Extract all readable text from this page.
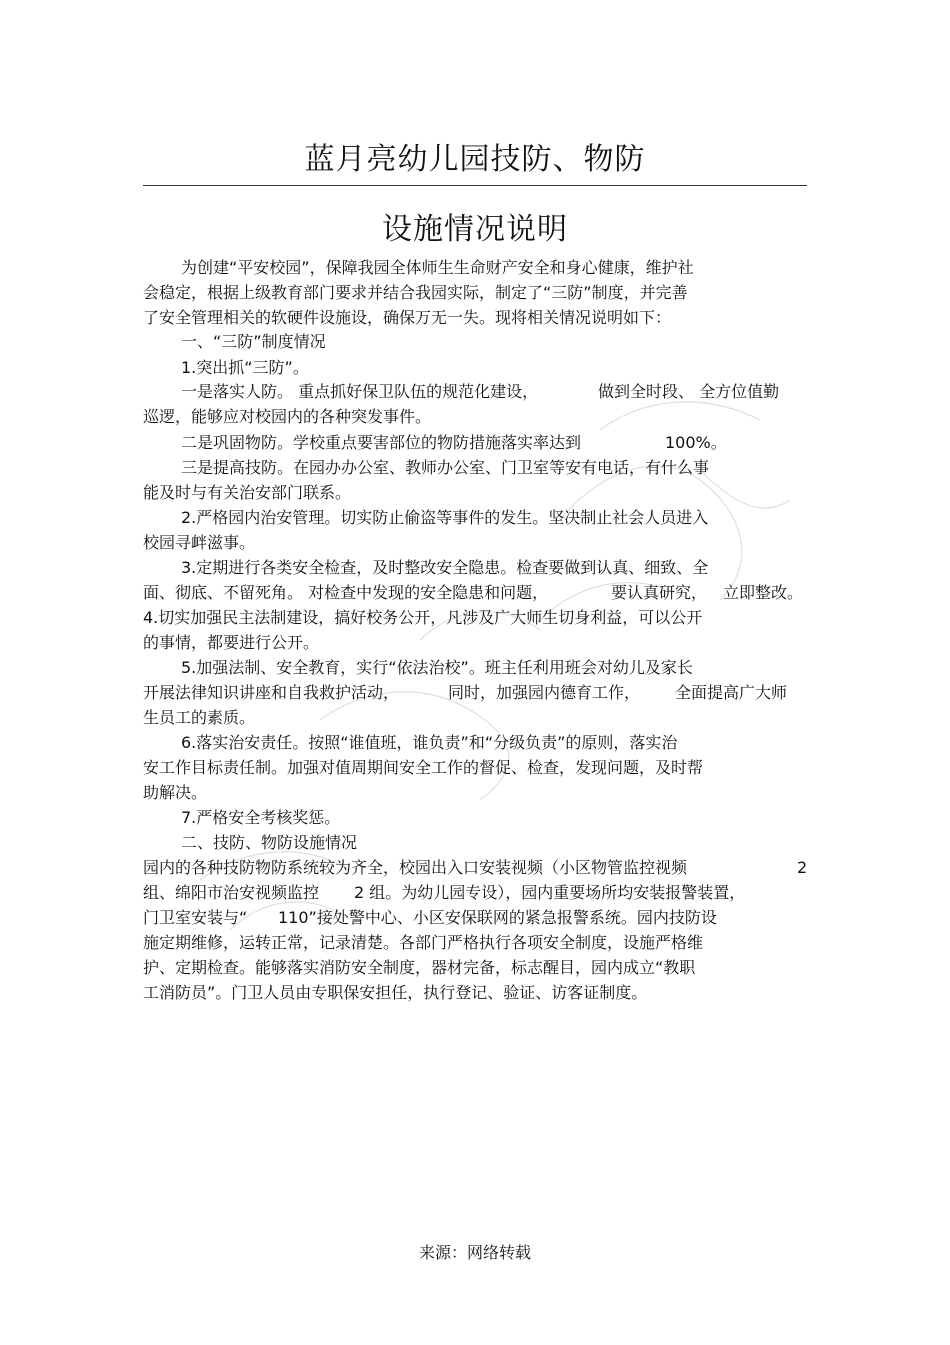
蓝月亮幼儿园技防、物防
设施情况说明
为创建“平安校园”，保障我园全体师生生命财产安全和身心健康，维护社
会稳定，根据上级教育部门要求并结合我园实际，制定了“三防”制度，并完善
了安全管理相关的软硬件设施设，确保万无一失。现将相关情况说明如下：
一、“三防”制度情况
1.突出抓“三防”。
一是落实人防。 重点抓好保卫队伍的规范化建设，	做到全时段、 全方位值勤
巡逻，能够应对校园内的各种突发事件。
二是巩固物防。学校重点要害部位的物防措施落实率达到	100%。
三是提高技防。在园办办公室、教师办公室、门卫室等安有电话，有什么事
能及时与有关治安部门联系。
2.严格园内治安管理。切实防止偷盗等事件的发生。坚决制止社会人员进入
校园寻衅滋事。
3.定期进行各类安全检查，及时整改安全隐患。检查要做到认真、细致、全
面、彻底、不留死角。 对检查中发现的安全隐患和问题，	要认真研究， 立即整改。
4.切实加强民主法制建设，搞好校务公开，凡涉及广大师生切身利益，可以公开
的事情，都要进行公开。
5.加强法制、安全教育，实行“依法治校”。班主任利用班会对幼儿及家长
开展法律知识讲座和自我救护活动，	同时，加强园内德育工作， 全面提高广大师
生员工的素质。
6.落实治安责任。按照“谁值班，谁负责”和“分级负责”的原则，落实治
安工作目标责任制。加强对值周期间安全工作的督促、检查，发现问题，及时帮
助解决。
7.严格安全考核奖惩。
二、技防、物防设施情况
园内的各种技防物防系统较为齐全，校园出入口安装视频（小区物管监控视频	2
组、绵阳市治安视频监控 2 组。为幼儿园专设），园内重要场所均安装报警装置，
门卫室安装与“ 110”接处警中心、小区安保联网的紧急报警系统。园内技防设
施定期维修，运转正常，记录清楚。各部门严格执行各项安全制度，设施严格维
护、定期检查。能够落实消防安全制度，器材完备，标志醒目，园内成立“教职
工消防员”。门卫人员由专职保安担任，执行登记、验证、访客证制度。
来源：网络转载
